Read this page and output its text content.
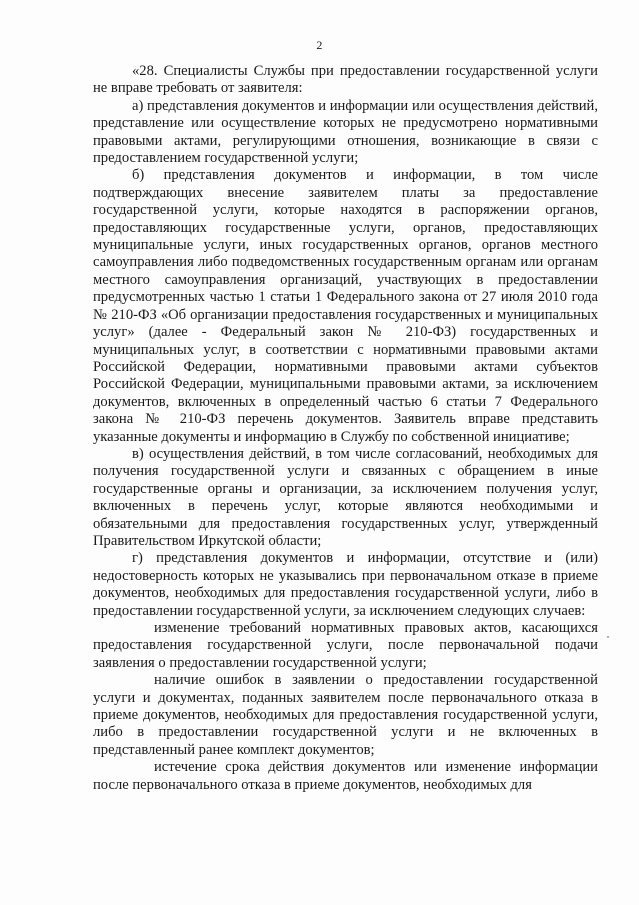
2

«28. Специалисты Службы при предоставлении государственной услуги не вправе требовать от заявителя:

а) представления документов и информации или осуществления действий, представление или осуществление которых не предусмотрено нормативными правовыми актами, регулирующими отношения, возникающие в связи с предоставлением государственной услуги;

б) представления документов и информации, в том числе подтверждающих внесение заявителем платы за предоставление государственной услуги, которые находятся в распоряжении органов, предоставляющих государственные услуги, органов, предоставляющих муниципальные услуги, иных государственных органов, органов местного самоуправления либо подведомственных государственным органам или органам местного самоуправления организаций, участвующих в предоставлении предусмотренных частью 1 статьи 1 Федерального закона от 27 июля 2010 года № 210-ФЗ «Об организации предоставления государственных и муниципальных услуг» (далее - Федеральный закон № 210-ФЗ) государственных и муниципальных услуг, в соответствии с нормативными правовыми актами Российской Федерации, нормативными правовыми актами субъектов Российской Федерации, муниципальными правовыми актами, за исключением документов, включенных в определенный частью 6 статьи 7 Федерального закона № 210-ФЗ перечень документов. Заявитель вправе представить указанные документы и информацию в Службу по собственной инициативе;

в) осуществления действий, в том числе согласований, необходимых для получения государственной услуги и связанных с обращением в иные государственные органы и организации, за исключением получения услуг, включенных в перечень услуг, которые являются необходимыми и обязательными для предоставления государственных услуг, утвержденный Правительством Иркутской области;

г) представления документов и информации, отсутствие и (или) недостоверность которых не указывались при первоначальном отказе в приеме документов, необходимых для предоставления государственной услуги, либо в предоставлении государственной услуги, за исключением следующих случаев:

изменение требований нормативных правовых актов, касающихся предоставления государственной услуги, после первоначальной подачи заявления о предоставлении государственной услуги;

наличие ошибок в заявлении о предоставлении государственной услуги и документах, поданных заявителем после первоначального отказа в приеме документов, необходимых для предоставления государственной услуги, либо в предоставлении государственной услуги и не включенных в представленный ранее комплект документов;

истечение срока действия документов или изменение информации после первоначального отказа в приеме документов, необходимых для
